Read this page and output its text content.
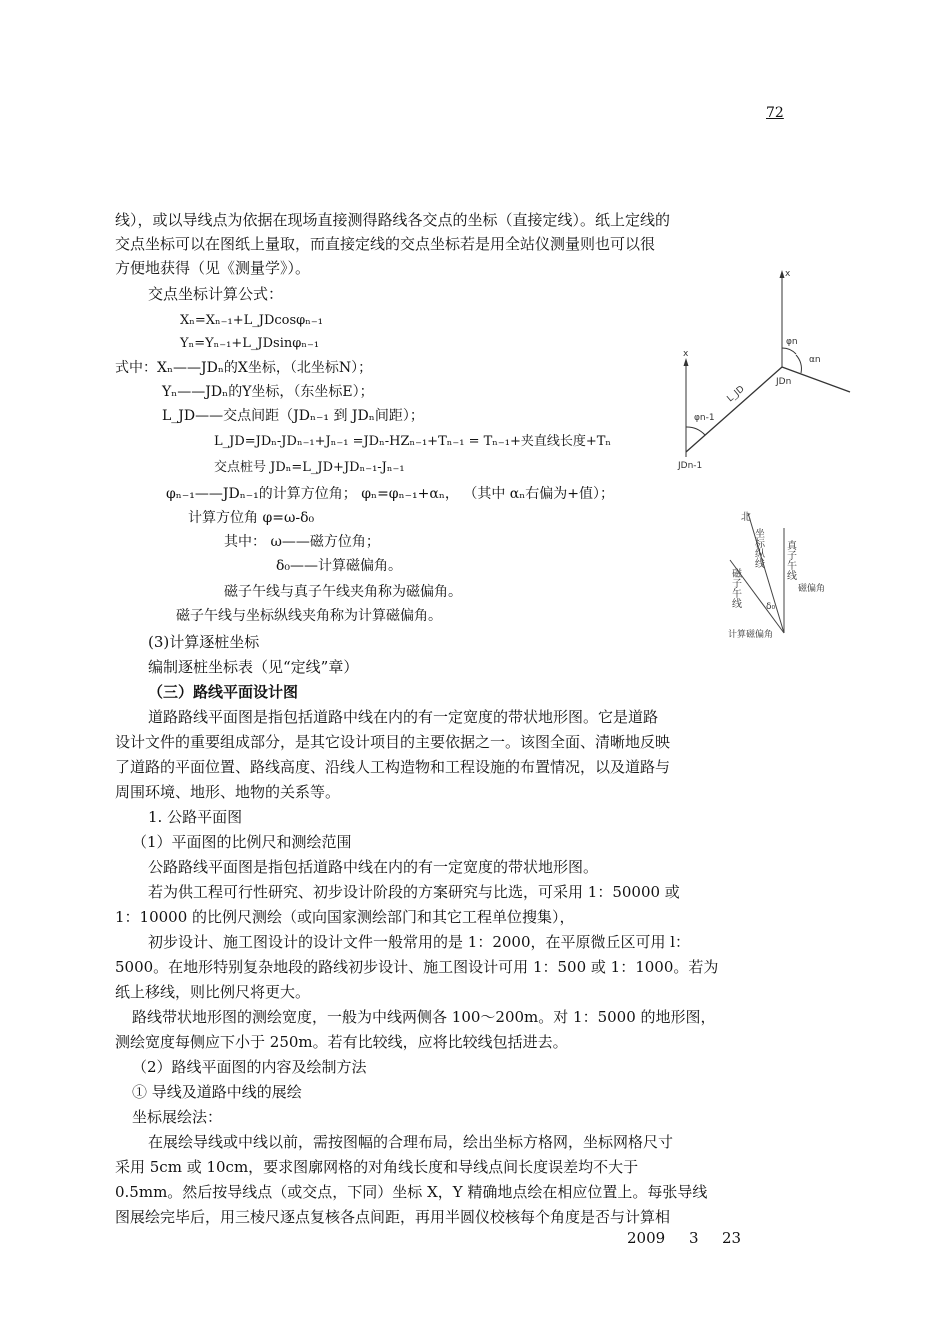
72
线），或以导线点为依据在现场直接测得路线各交点的坐标（直接定线）。纸上定线的
交点坐标可以在图纸上量取，而直接定线的交点坐标若是用全站仪测量则也可以很
方便地获得（见《测量学》）。
交点坐标计算公式：
Xₙ=Xₙ₋₁+L_JDcosφₙ₋₁
Yₙ=Yₙ₋₁+L_JDsinφₙ₋₁
式中：Xₙ——JDₙ的X坐标，（北坐标N）；
Yₙ——JDₙ的Y坐标，（东坐标E）；
L_JD——交点间距（JDₙ₋₁ 到 JDₙ间距）；
L_JD=JDₙ-JDₙ₋₁+Jₙ₋₁ =JDₙ-HZₙ₋₁+Tₙ₋₁ = Tₙ₋₁+夹直线长度+Tₙ
交点桩号 JDₙ=L_JD+JDₙ₋₁-Jₙ₋₁
φₙ₋₁——JDₙ₋₁的计算方位角； φₙ=φₙ₋₁+αₙ， （其中 αₙ右偏为+值）；
计算方位角 φ=ω-δ₀
其中： ω——磁方位角；
δ₀——计算磁偏角。
磁子午线与真子午线夹角称为磁偏角。
磁子午线与坐标纵线夹角称为计算磁偏角。
(3)计算逐桩坐标
编制逐桩坐标表（见“定线”章）
（三）路线平面设计图
道路路线平面图是指包括道路中线在内的有一定宽度的带状地形图。它是道路
设计文件的重要组成部分，是其它设计项目的主要依据之一。该图全面、清晰地反映
了道路的平面位置、路线高度、沿线人工构造物和工程设施的布置情况，以及道路与
周围环境、地形、地物的关系等。
1. 公路平面图
（1）平面图的比例尺和测绘范围
公路路线平面图是指包括道路中线在内的有一定宽度的带状地形图。
若为供工程可行性研究、初步设计阶段的方案研究与比选，可采用 1：50000 或
1：10000 的比例尺测绘（或向国家测绘部门和其它工程单位搜集），
初步设计、施工图设计的设计文件一般常用的是 1：2000，在平原微丘区可用 l：
5000。在地形特别复杂地段的路线初步设计、施工图设计可用 1：500 或 1：1000。若为
纸上移线，则比例尺将更大。
路线带状地形图的测绘宽度，一般为中线两侧各 100～200m。对 1：5000 的地形图，
测绘宽度每侧应下小于 250m。若有比较线，应将比较线包括进去。
（2）路线平面图的内容及绘制方法
① 导线及道路中线的展绘
坐标展绘法：
在展绘导线或中线以前，需按图幅的合理布局，绘出坐标方格网，坐标网格尺寸
采用 5cm 或 10cm，要求图廓网格的对角线长度和导线点间长度误差均不大于
0.5mm。然后按导线点（或交点，下同）坐标 X，Y 精确地点绘在相应位置上。每张导线
图展绘完毕后，用三棱尺逐点复核各点间距，再用半圆仪校核每个角度是否与计算相
2009 3 23
x
x
φn-1
φn
αn
L_JD
JDn-1
JDn
北
坐标纵线
磁子午线
真子午线
磁偏角
δ₀
计算磁偏角
